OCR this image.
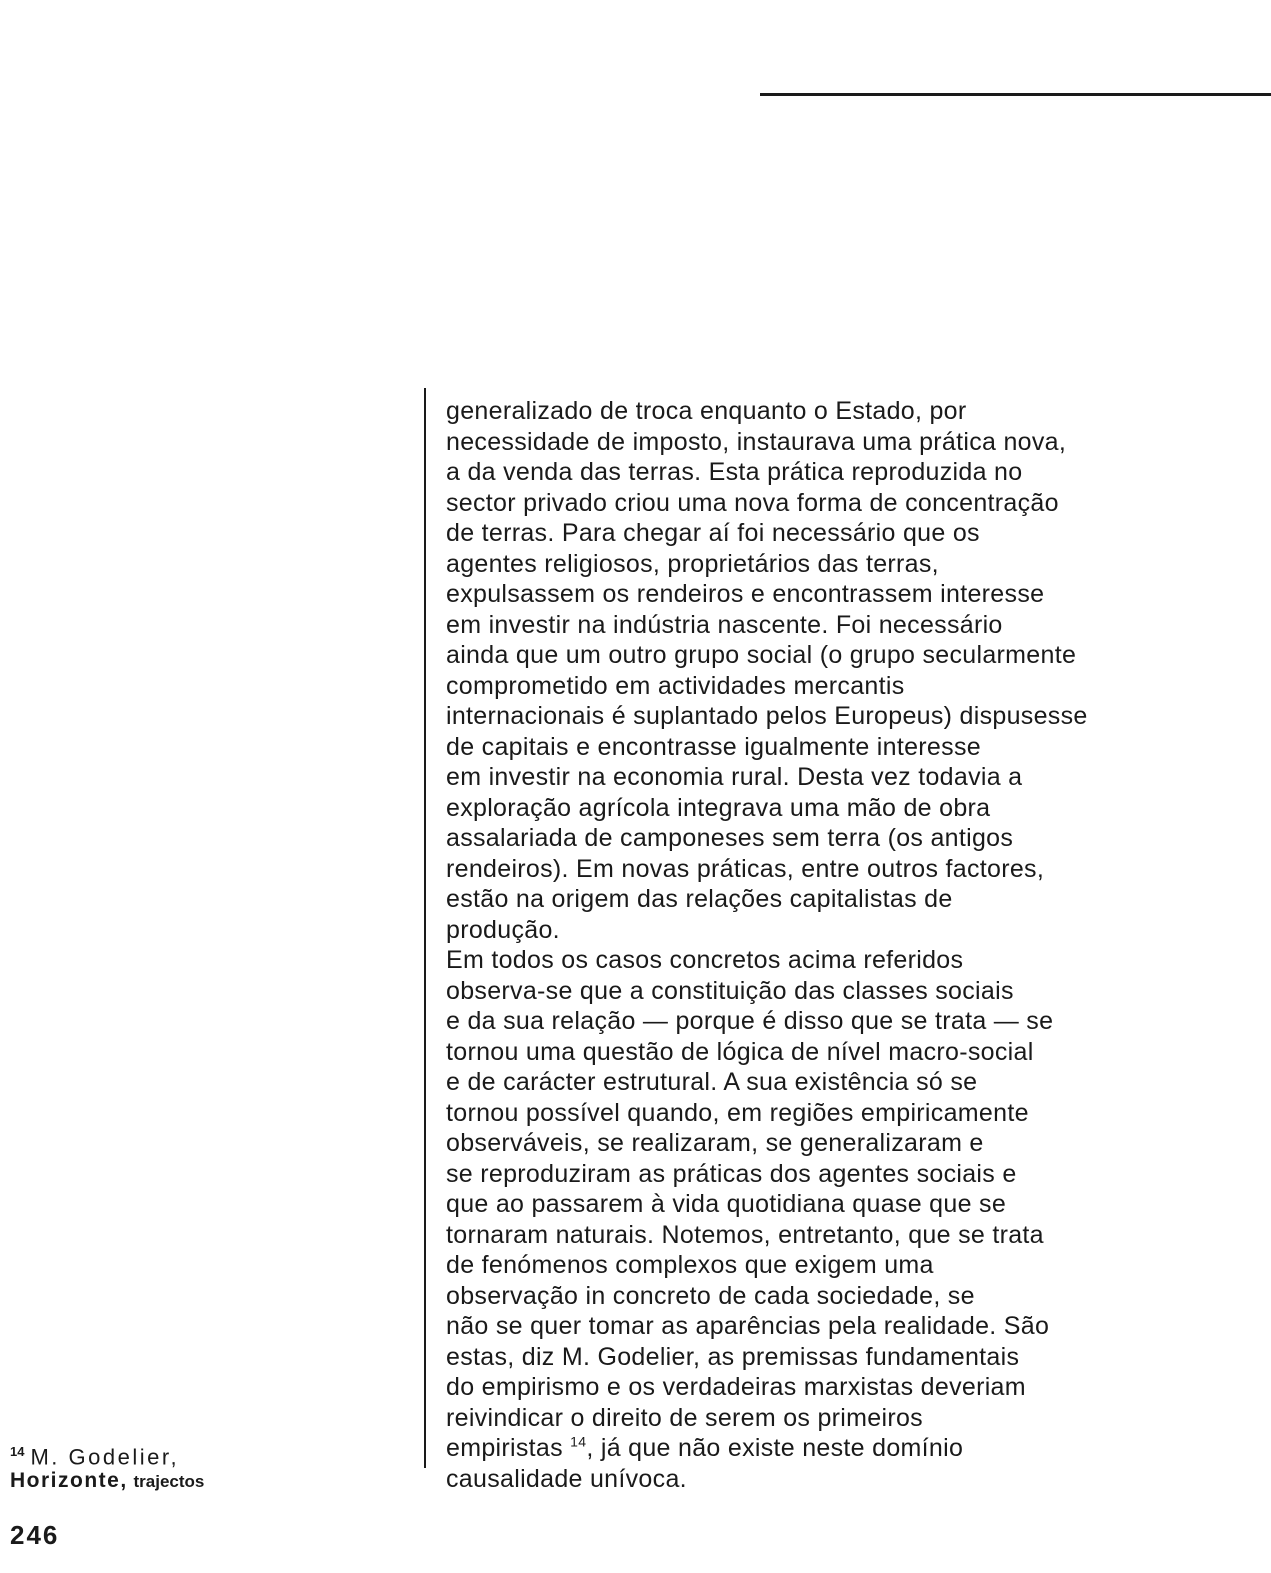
generalizado de troca enquanto o Estado, por
necessidade de imposto, instaurava uma prática nova,
a da venda das terras. Esta prática reproduzida no
sector privado criou uma nova forma de concentração
de terras. Para chegar aí foi necessário que os
agentes religiosos, proprietários das terras,
expulsassem os rendeiros e encontrassem interesse
em investir na indústria nascente. Foi necessário
ainda que um outro grupo social (o grupo secularmente
comprometido em actividades mercantis
internacionais é suplantado pelos Europeus) dispusesse
de capitais e encontrasse igualmente interesse
em investir na economia rural. Desta vez todavia a
exploração agrícola integrava uma mão de obra
assalariada de camponeses sem terra (os antigos
rendeiros). Em novas práticas, entre outros factores,
estão na origem das relações capitalistas de
produção.
Em todos os casos concretos acima referidos
observa-se que a constituição das classes sociais
e da sua relação — porque é disso que se trata — se
tornou uma questão de lógica de nível macro-social
e de carácter estrutural. A sua existência só se
tornou possível quando, em regiões empiricamente
observáveis, se realizaram, se generalizaram e
se reproduziram as práticas dos agentes sociais e
que ao passarem à vida quotidiana quase que se
tornaram naturais. Notemos, entretanto, que se trata
de fenómenos complexos que exigem uma
observação in concreto de cada sociedade, se
não se quer tomar as aparências pela realidade. São
estas, diz M. Godelier, as premissas fundamentais
do empirismo e os verdadeiras marxistas deveriam
reivindicar o direito de serem os primeiros
empiristas $^{14}$, já que não existe neste domínio
causalidade unívoca.
$^{14}$ M. Godelier,
Horizonte, trajectos
246
